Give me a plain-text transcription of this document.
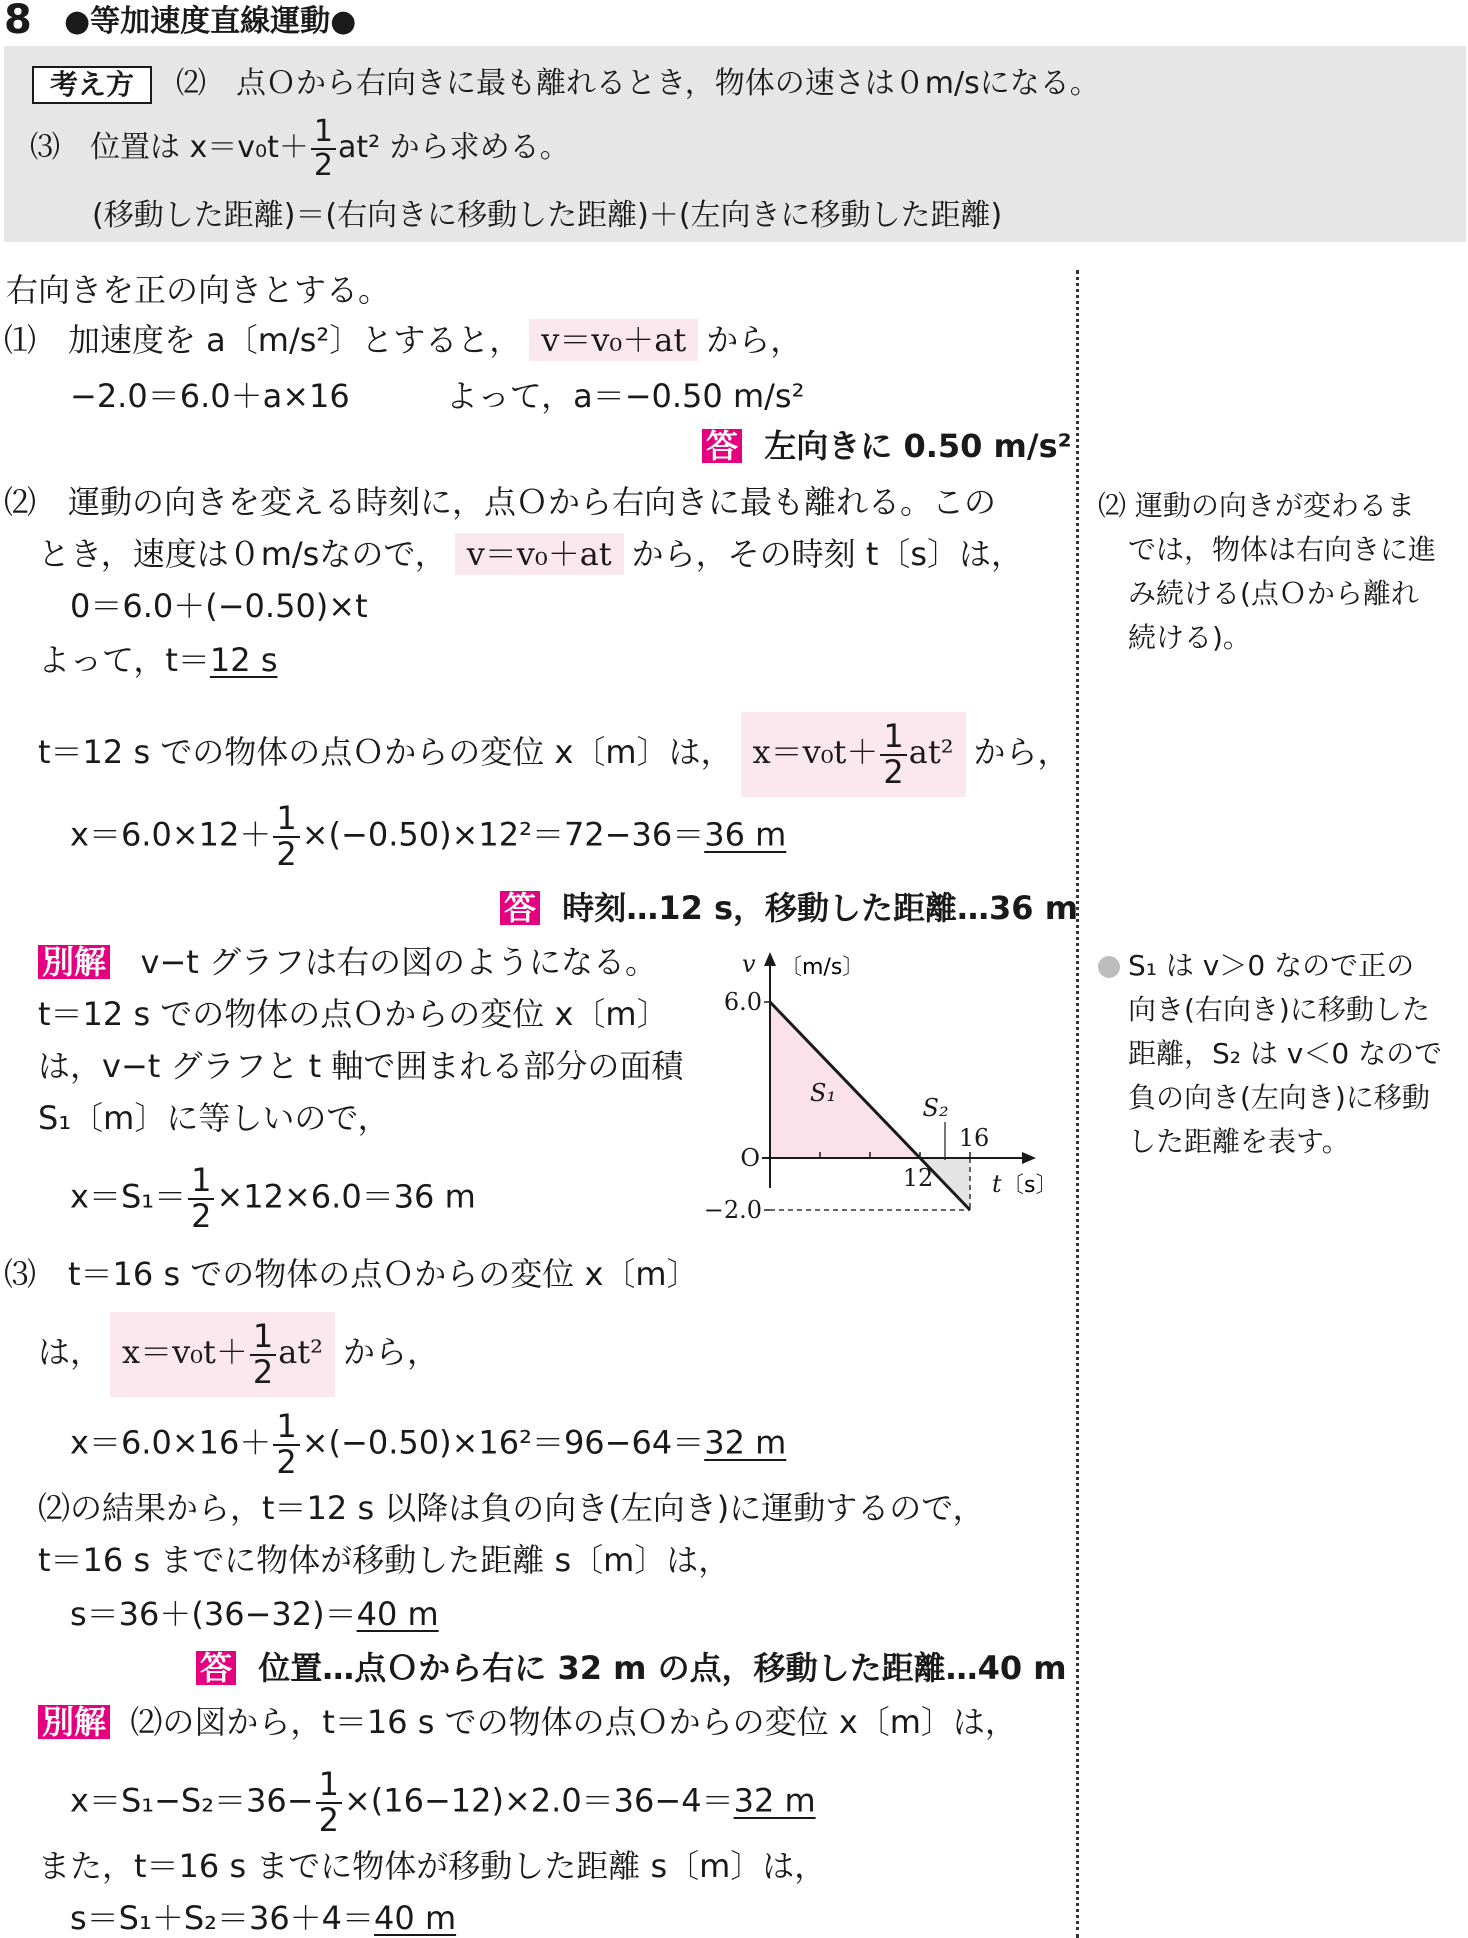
8 ●等加速度直線運動●
考え方	⑵　点Ｏから右向きに最も離れるとき，物体の速さは０m/sになる。
⑶　位置は $x=v_0t+ \frac{1}{2} at^2$ から求める。
(移動した距離)＝(右向きに移動した距離)＋(左向きに移動した距離)
右向きを正の向きとする。
⑴　加速度を a〔m/s²〕とすると， v＝v₀＋at から，
−2.0＝6.0＋a×16　　　よって，a＝−0.50 m/s²
答 左向きに 0.50 m/s²
⑵　運動の向きを変える時刻に，点Ｏから右向きに最も離れる。この
とき，速度は０m/sなので， v＝v₀＋at から，その時刻 t〔s〕は，
0＝6.0＋(−0.50)×t
よって，t＝12 s
t＝12 s での物体の点Ｏからの変位 x〔m〕は， $x=v_0t+ \frac{1}{2} at^2$ から，
$x=6.0\times 12+ \frac{1}{2} \times(-0.50)\times 12^2=72-36=36$ m
答 時刻…12 s，移動した距離…36 m
別解 v−t グラフは右の図のようになる。
t＝12 s での物体の点Ｏからの変位 x〔m〕
は，v−t グラフと t 軸で囲まれる部分の面積
S₁〔m〕に等しいので，
$x=S_1= \frac{1}{2} \times 12\times 6.0=36$ m
v 〔m/s〕
6.0
−2.0
O
12
16
t 〔s〕
S₁
S₂
⑶　t＝16 s での物体の点Ｏからの変位 x〔m〕
は， $x=v_0t+ \frac{1}{2} at^2$ から，
$x=6.0\times 16+ \frac{1}{2} \times(-0.50)\times 16^2=96-64=32$ m
⑵の結果から，t＝12 s 以降は負の向き(左向き)に運動するので，
t＝16 s までに物体が移動した距離 s〔m〕は，
s＝36＋(36−32)＝40 m
答 位置…点Ｏから右に 32 m の点，移動した距離…40 m
別解 ⑵の図から，t＝16 s での物体の点Ｏからの変位 x〔m〕は，
$x=S_1-S_2=36- \frac{1}{2} \times(16-12)\times 2.0=36-4=32$ m
また，t＝16 s までに物体が移動した距離 s〔m〕は，
s＝S₁＋S₂＝36＋4＝40 m
⑵ 運動の向きが変わるま
では，物体は右向きに進
み続ける(点Ｏから離れ
続ける)。
S₁ は v＞0 なので正の
向き(右向き)に移動した
距離，S₂ は v＜0 なので
負の向き(左向き)に移動
した距離を表す。
